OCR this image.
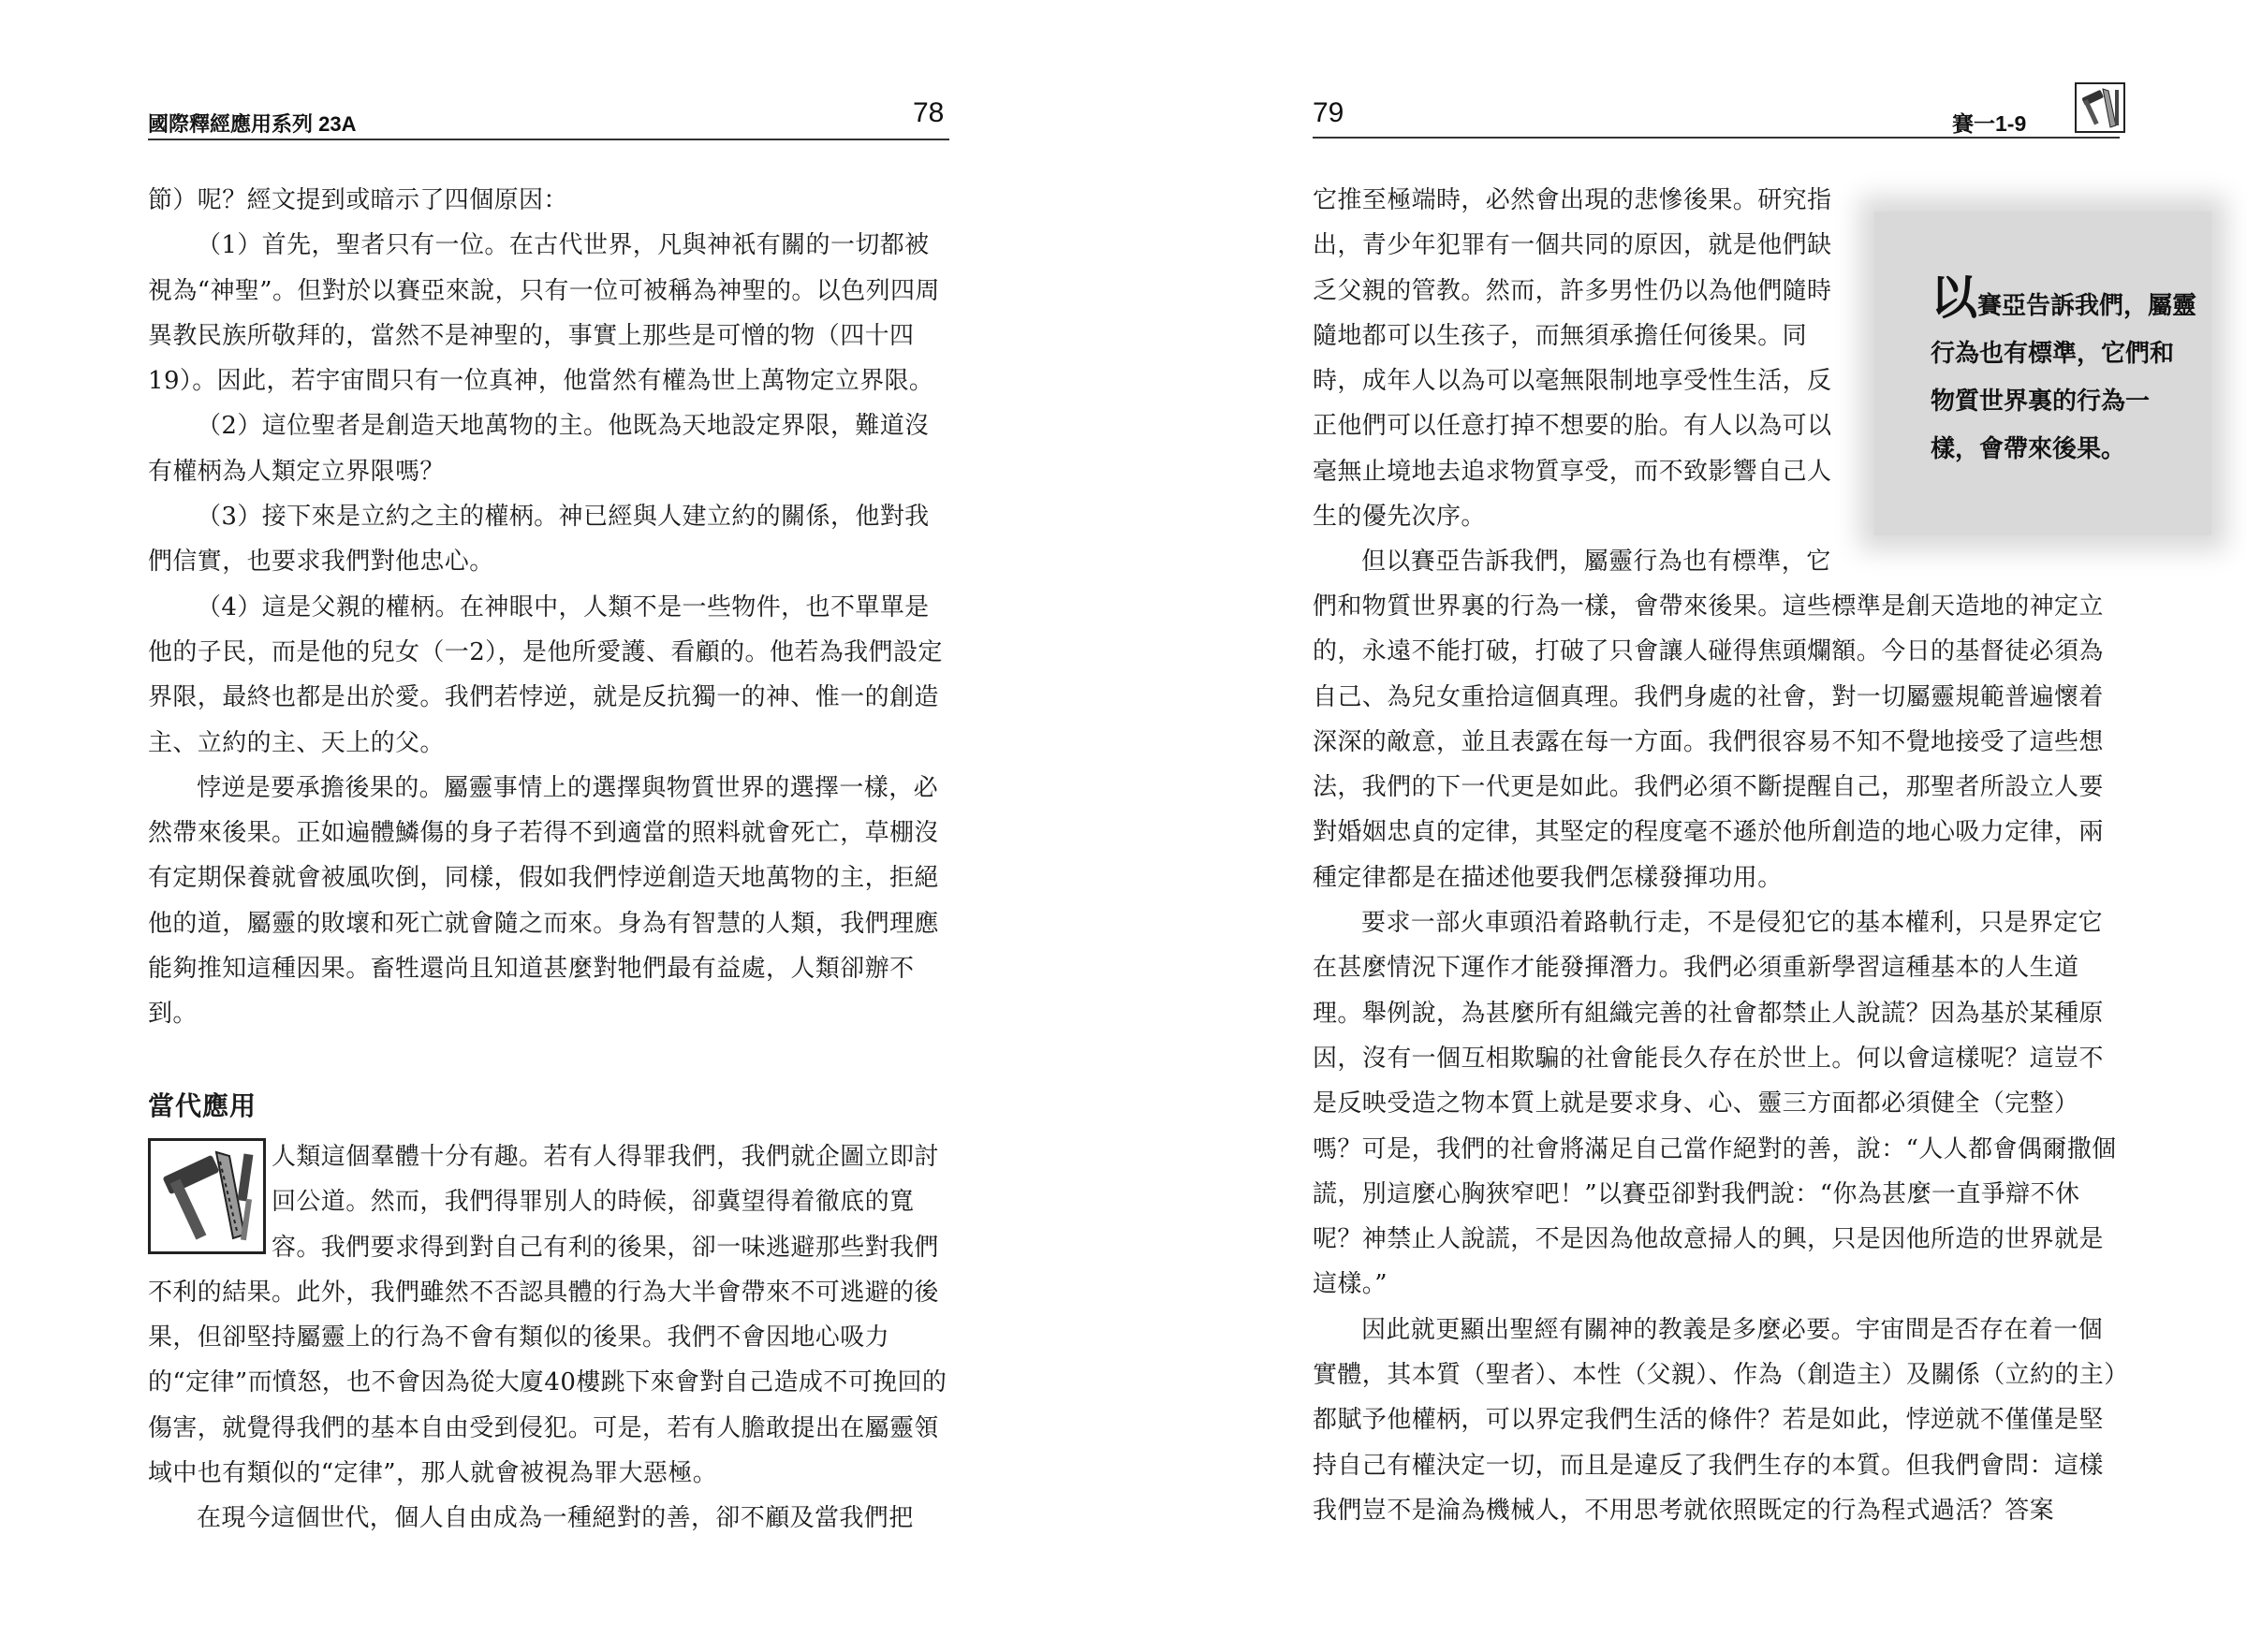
國際釋經應用系列 23A	78

節）呢？經文提到或暗示了四個原因：

（1）首先，聖者只有一位。在古代世界，凡與神祇有關的一切都被視為“神聖”。但對於以賽亞來說，只有一位可被稱為神聖的。以色列四周異教民族所敬拜的，當然不是神聖的，事實上那些是可憎的物（四十四19）。因此，若宇宙間只有一位真神，他當然有權為世上萬物定立界限。

（2）這位聖者是創造天地萬物的主。他既為天地設定界限，難道沒有權柄為人類定立界限嗎？

（3）接下來是立約之主的權柄。神已經與人建立約的關係，他對我們信實，也要求我們對他忠心。

（4）這是父親的權柄。在神眼中，人類不是一些物件，也不單單是他的子民，而是他的兒女（一2），是他所愛護、看顧的。他若為我們設定界限，最終也都是出於愛。我們若悖逆，就是反抗獨一的神、惟一的創造主、立約的主、天上的父。

悖逆是要承擔後果的。屬靈事情上的選擇與物質世界的選擇一樣，必然帶來後果。正如遍體鱗傷的身子若得不到適當的照料就會死亡，草棚沒有定期保養就會被風吹倒，同樣，假如我們悖逆創造天地萬物的主，拒絕他的道，屬靈的敗壞和死亡就會隨之而來。身為有智慧的人類，我們理應能夠推知這種因果。畜牲還尚且知道甚麼對牠們最有益處，人類卻辦不到。

當代應用

人類這個羣體十分有趣。若有人得罪我們，我們就企圖立即討回公道。然而，我們得罪別人的時候，卻冀望得着徹底的寬容。我們要求得到對自己有利的後果，卻一味逃避那些對我們不利的結果。此外，我們雖然不否認具體的行為大半會帶來不可逃避的後果，但卻堅持屬靈上的行為不會有類似的後果。我們不會因地心吸力的“定律”而憤怒，也不會因為從大廈40樓跳下來會對自己造成不可挽回的傷害，就覺得我們的基本自由受到侵犯。可是，若有人膽敢提出在屬靈領域中也有類似的“定律”，那人就會被視為罪大惡極。

在現今這個世代，個人自由成為一種絕對的善，卻不顧及當我們把

79	賽一1-9
以賽亞告訴我們，屬靈行為也有標準，它們和物質世界裏的行為一樣，會帶來後果。

它推至極端時，必然會出現的悲慘後果。研究指出，青少年犯罪有一個共同的原因，就是他們缺乏父親的管教。然而，許多男性仍以為他們隨時隨地都可以生孩子，而無須承擔任何後果。同時，成年人以為可以毫無限制地享受性生活，反正他們可以任意打掉不想要的胎。有人以為可以毫無止境地去追求物質享受，而不致影響自己人生的優先次序。

但以賽亞告訴我們，屬靈行為也有標準，它

們和物質世界裏的行為一樣，會帶來後果。這些標準是創天造地的神定立的，永遠不能打破，打破了只會讓人碰得焦頭爛額。今日的基督徒必須為自己、為兒女重拾這個真理。我們身處的社會，對一切屬靈規範普遍懷着深深的敵意，並且表露在每一方面。我們很容易不知不覺地接受了這些想法，我們的下一代更是如此。我們必須不斷提醒自己，那聖者所設立人要對婚姻忠貞的定律，其堅定的程度毫不遜於他所創造的地心吸力定律，兩種定律都是在描述他要我們怎樣發揮功用。

要求一部火車頭沿着路軌行走，不是侵犯它的基本權利，只是界定它在甚麼情況下運作才能發揮潛力。我們必須重新學習這種基本的人生道理。舉例說，為甚麼所有組織完善的社會都禁止人說謊？因為基於某種原因，沒有一個互相欺騙的社會能長久存在於世上。何以會這樣呢？這豈不是反映受造之物本質上就是要求身、心、靈三方面都必須健全（完整）嗎？可是，我們的社會將滿足自己當作絕對的善，說：“人人都會偶爾撒個謊，別這麼心胸狹窄吧！”以賽亞卻對我們說：“你為甚麼一直爭辯不休呢？神禁止人說謊，不是因為他故意掃人的興，只是因他所造的世界就是這樣。”

因此就更顯出聖經有關神的教義是多麼必要。宇宙間是否存在着一個實體，其本質（聖者）、本性（父親）、作為（創造主）及關係（立約的主）都賦予他權柄，可以界定我們生活的條件？若是如此，悖逆就不僅僅是堅持自己有權決定一切，而且是違反了我們生存的本質。但我們會問：這樣我們豈不是淪為機械人，不用思考就依照既定的行為程式過活？答案
